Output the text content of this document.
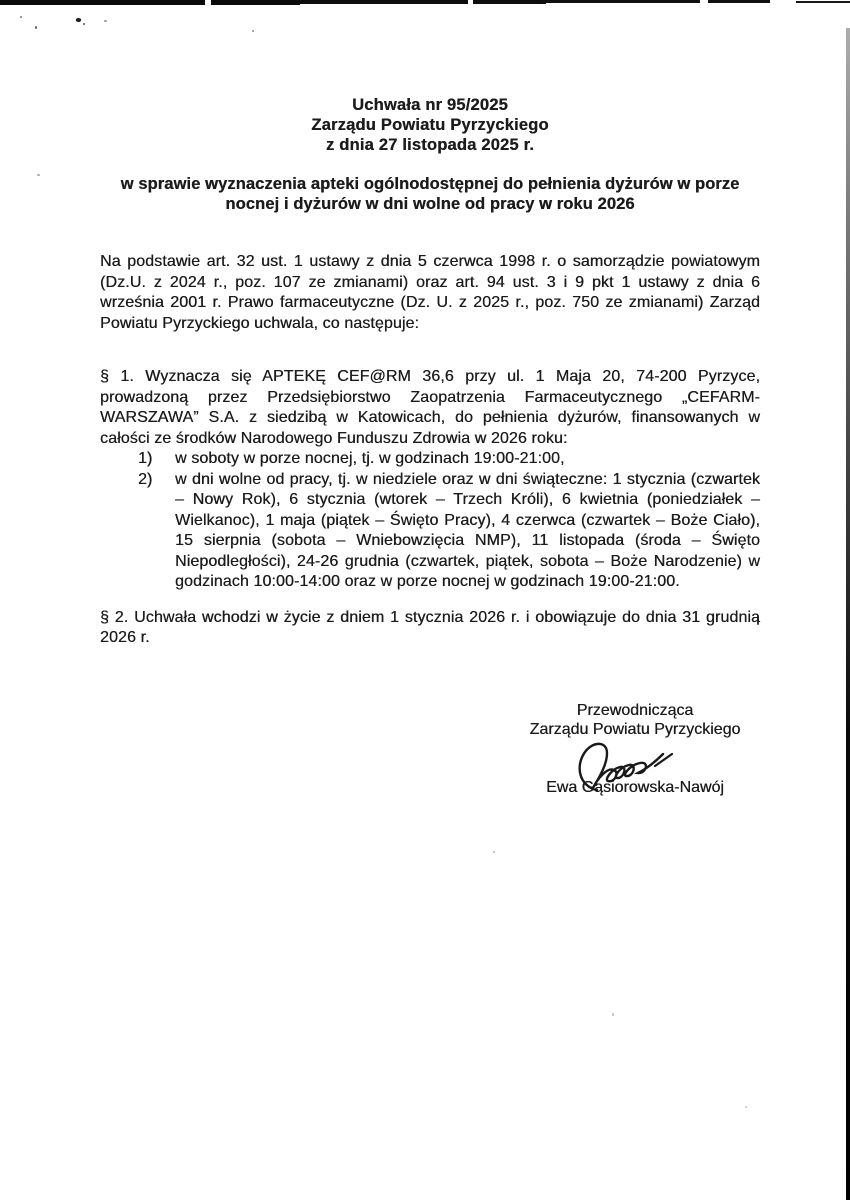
Uchwała nr 95/2025
Zarządu Powiatu Pyrzyckiego
z dnia 27 listopada 2025 r.
w sprawie wyznaczenia apteki ogólnodostępnej do pełnienia dyżurów w porze nocnej i dyżurów w dni wolne od pracy w roku 2026

Na podstawie art. 32 ust. 1 ustawy z dnia 5 czerwca 1998 r. o samorządzie powiatowym (Dz.U. z 2024 r., poz. 107 ze zmianami) oraz art. 94 ust. 3 i 9 pkt 1 ustawy z dnia 6 września 2001 r. Prawo farmaceutyczne (Dz. U. z 2025 r., poz. 750 ze zmianami) Zarząd Powiatu Pyrzyckiego uchwala, co następuje:

§ 1. Wyznacza się APTEKĘ CEF@RM 36,6 przy ul. 1 Maja 20, 74-200 Pyrzyce, prowadzoną przez Przedsiębiorstwo Zaopatrzenia Farmaceutycznego „CEFARM-WARSZAWA” S.A. z siedzibą w Katowicach, do pełnienia dyżurów, finansowanych w całości ze środków Narodowego Funduszu Zdrowia w 2026 roku:

1)	w soboty w porze nocnej, tj. w godzinach 19:00-21:00,
2)	w dni wolne od pracy, tj. w niedziele oraz w dni świąteczne: 1 stycznia (czwartek – Nowy Rok), 6 stycznia (wtorek – Trzech Króli), 6 kwietnia (poniedziałek – Wielkanoc), 1 maja (piątek – Święto Pracy), 4 czerwca (czwartek – Boże Ciało), 15 sierpnia (sobota – Wniebowzięcia NMP), 11 listopada (środa – Święto Niepodległości), 24-26 grudnia (czwartek, piątek, sobota – Boże Narodzenie) w godzinach 10:00-14:00 oraz w porze nocnej w godzinach 19:00-21:00.

§ 2. Uchwała wchodzi w życie z dniem 1 stycznia 2026 r. i obowiązuje do dnia 31 grudnia 2026 r.

Przewodnicząca
Zarządu Powiatu Pyrzyckiego
Ewa Gąsiorowska-Nawój
